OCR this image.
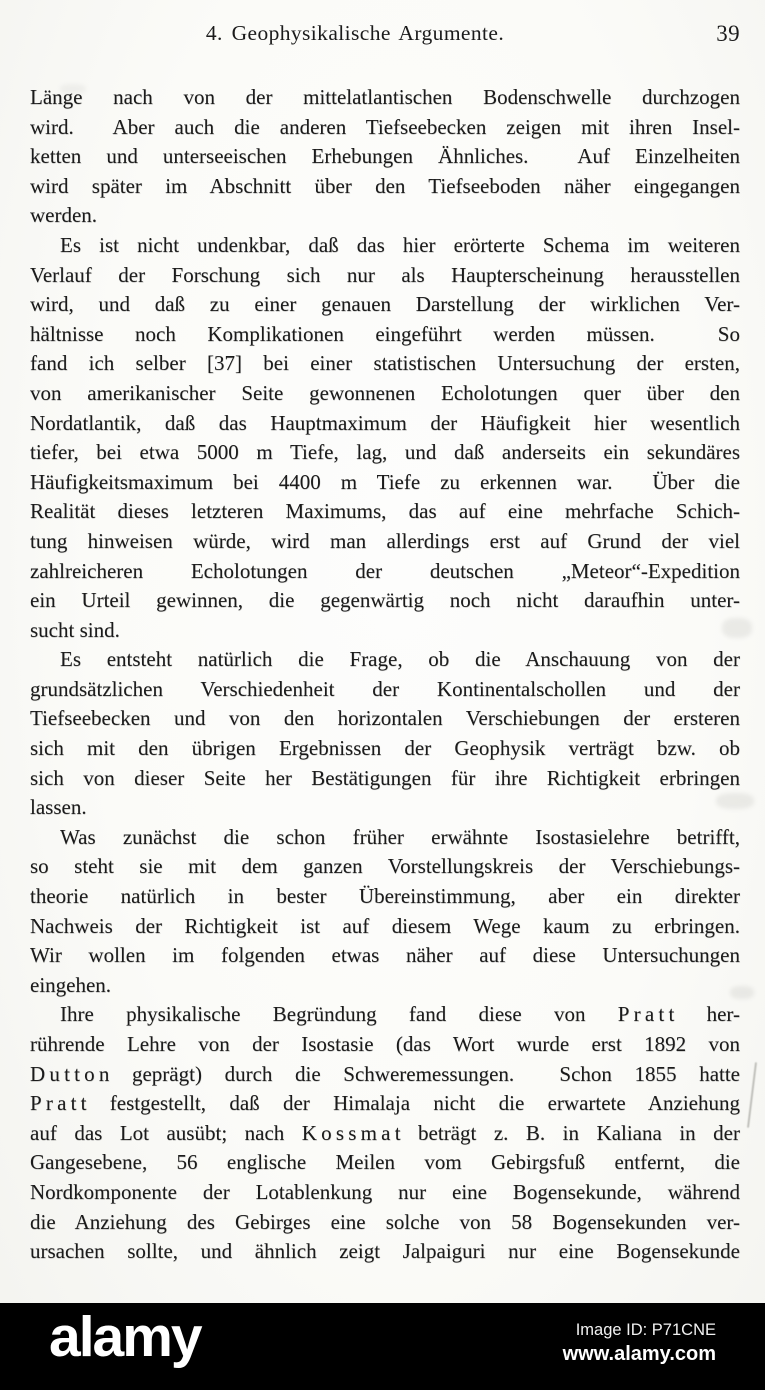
4. Geophysikalische Argumente.	39
Länge nach von der mittelatlantischen Bodenschwelle durchzogen
wird.  Aber auch die anderen Tiefseebecken zeigen mit ihren Insel-
ketten und unterseeischen Erhebungen Ähnliches.  Auf Einzelheiten
wird später im Abschnitt über den Tiefseeboden näher eingegangen
werden.
Es ist nicht undenkbar, daß das hier erörterte Schema im weiteren
Verlauf der Forschung sich nur als Haupterscheinung herausstellen
wird, und daß zu einer genauen Darstellung der wirklichen Ver-
hältnisse noch Komplikationen eingeführt werden müssen.  So
fand ich selber [37] bei einer statistischen Untersuchung der ersten,
von amerikanischer Seite gewonnenen Echolotungen quer über den
Nordatlantik, daß das Hauptmaximum der Häufigkeit hier wesentlich
tiefer, bei etwa 5000 m Tiefe, lag, und daß anderseits ein sekundäres
Häufigkeitsmaximum bei 4400 m Tiefe zu erkennen war.  Über die
Realität dieses letzteren Maximums, das auf eine mehrfache Schich-
tung hinweisen würde, wird man allerdings erst auf Grund der viel
zahlreicheren Echolotungen der deutschen „Meteor“-Expedition
ein Urteil gewinnen, die gegenwärtig noch nicht daraufhin unter-
sucht sind.
Es entsteht natürlich die Frage, ob die Anschauung von der
grundsätzlichen Verschiedenheit der Kontinentalschollen und der
Tiefseebecken und von den horizontalen Verschiebungen der ersteren
sich mit den übrigen Ergebnissen der Geophysik verträgt bzw. ob
sich von dieser Seite her Bestätigungen für ihre Richtigkeit erbringen
lassen.
Was zunächst die schon früher erwähnte Isostasielehre betrifft,
so steht sie mit dem ganzen Vorstellungskreis der Verschiebungs-
theorie natürlich in bester Übereinstimmung, aber ein direkter
Nachweis der Richtigkeit ist auf diesem Wege kaum zu erbringen.
Wir wollen im folgenden etwas näher auf diese Untersuchungen
eingehen.
Ihre physikalische Begründung fand diese von P r a t t her-
rührende Lehre von der Isostasie (das Wort wurde erst 1892 von
D u t t o n geprägt) durch die Schweremessungen.  Schon 1855 hatte
P r a t t festgestellt, daß der Himalaja nicht die erwartete Anziehung
auf das Lot ausübt; nach K o s s m a t beträgt z. B. in Kaliana in der
Gangesebene, 56 englische Meilen vom Gebirgsfuß entfernt, die
Nordkomponente der Lotablenkung nur eine Bogensekunde, während
die Anziehung des Gebirges eine solche von 58 Bogensekunden ver-
ursachen sollte, und ähnlich zeigt Jalpaiguri nur eine Bogensekunde
alamy	Image ID: P71CNE
www.alamy.com
